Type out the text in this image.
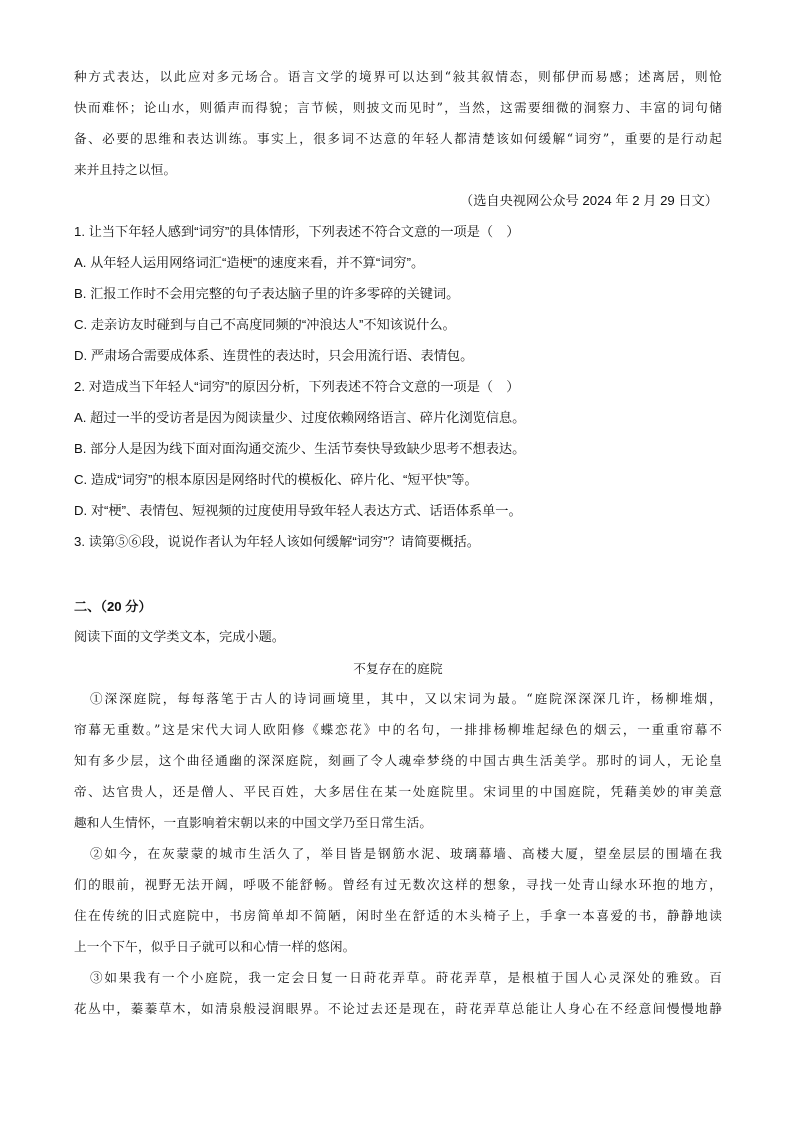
种方式表达，以此应对多元场合。语言文学的境界可以达到“敍其叙情态，则郁伊而易感；述离居，则怆
快而难怀；论山水，则循声而得貌；言节候，则披文而见时”，当然，这需要细微的洞察力、丰富的词句储
备、必要的思维和表达训练。事实上，很多词不达意的年轻人都清楚该如何缓解“词穷”，重要的是行动起
来并且持之以恒。
（选自央视网公众号 2024 年 2 月 29 日文）
1. 让当下年轻人感到“词穷”的具体情形，下列表述不符合文意的一项是（　）
A. 从年轻人运用网络词汇“造梗”的速度来看，并不算“词穷”。
B. 汇报工作时不会用完整的句子表达脑子里的许多零碎的关键词。
C. 走亲访友时碰到与自己不高度同频的“冲浪达人”不知该说什么。
D. 严肃场合需要成体系、连贯性的表达时，只会用流行语、表情包。
2. 对造成当下年轻人“词穷”的原因分析，下列表述不符合文意的一项是（　）
A. 超过一半的受访者是因为阅读量少、过度依赖网络语言、碎片化浏览信息。
B. 部分人是因为线下面对面沟通交流少、生活节奏快导致缺少思考不想表达。
C. 造成“词穷”的根本原因是网络时代的模板化、碎片化、“短平快”等。
D. 对“梗”、表情包、短视频的过度使用导致年轻人表达方式、话语体系单一。
3. 读第⑤⑥段，说说作者认为年轻人该如何缓解“词穷”？请简要概括。
二、（20 分）
阅读下面的文学类文本，完成小题。
不复存在的庭院
①深深庭院，每每落笔于古人的诗词画境里，其中，又以宋词为最。“庭院深深深几许，杨柳堆烟，
帘幕无重数。”这是宋代大词人欧阳修《蝶恋花》中的名句，一排排杨柳堆起绿色的烟云，一重重帘幕不
知有多少层，这个曲径通幽的深深庭院，刻画了令人魂牵梦绕的中国古典生活美学。那时的词人，无论皇
帝、达官贵人，还是僧人、平民百姓，大多居住在某一处庭院里。宋词里的中国庭院，凭藉美妙的审美意
趣和人生情怀，一直影响着宋朝以来的中国文学乃至日常生活。
②如今，在灰蒙蒙的城市生活久了，举目皆是钢筋水泥、玻璃幕墙、高楼大厦，望垒层层的围墙在我
们的眼前，视野无法开阔，呼吸不能舒畅。曾经有过无数次这样的想象，寻找一处青山绿水环抱的地方，
住在传统的旧式庭院中，书房简单却不简陋，闲时坐在舒适的木头椅子上，手拿一本喜爱的书，静静地读
上一个下午，似乎日子就可以和心情一样的悠闲。
③如果我有一个小庭院，我一定会日复一日莳花弄草。莳花弄草，是根植于国人心灵深处的雅致。百
花丛中，蓁蓁草木，如清泉般浸润眼界。不论过去还是现在，莳花弄草总能让人身心在不经意间慢慢地静
